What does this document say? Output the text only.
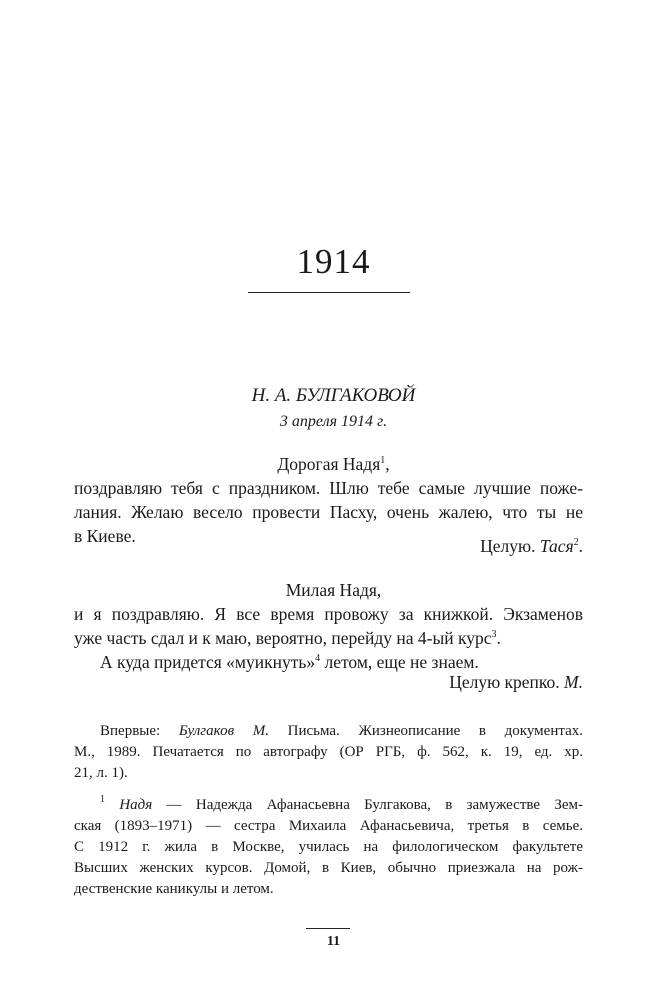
1914
Н. А. БУЛГАКОВОЙ
3 апреля 1914 г.
Дорогая Надя$^1$,
поздравляю тебя с праздником. Шлю тебе самые лучшие поже-
лания. Желаю весело провести Пасху, очень жалею, что ты не
в Киеве.	Целую. Тася$^2$.
Милая Надя,
и я поздравляю. Я все время провожу за книжкой. Экзаменов
уже часть сдал и к маю, вероятно, перейду на 4-ый курс$^3$.
А куда придется «муикнуть»$^4$ летом, еще не знаем.
Целую крепко. М.
Впервые: Булгаков М. Письма. Жизнеописание в документах.
М., 1989. Печатается по автографу (ОР РГБ, ф. 562, к. 19, ед. хр.
21, л. 1).
$^1$ Надя — Надежда Афанасьевна Булгакова, в замужестве Зем-
ская (1893–1971) — сестра Михаила Афанасьевича, третья в семье.
С 1912 г. жила в Москве, училась на филологическом факультете
Высших женских курсов. Домой, в Киев, обычно приезжала на рож-
дественские каникулы и летом.
11
